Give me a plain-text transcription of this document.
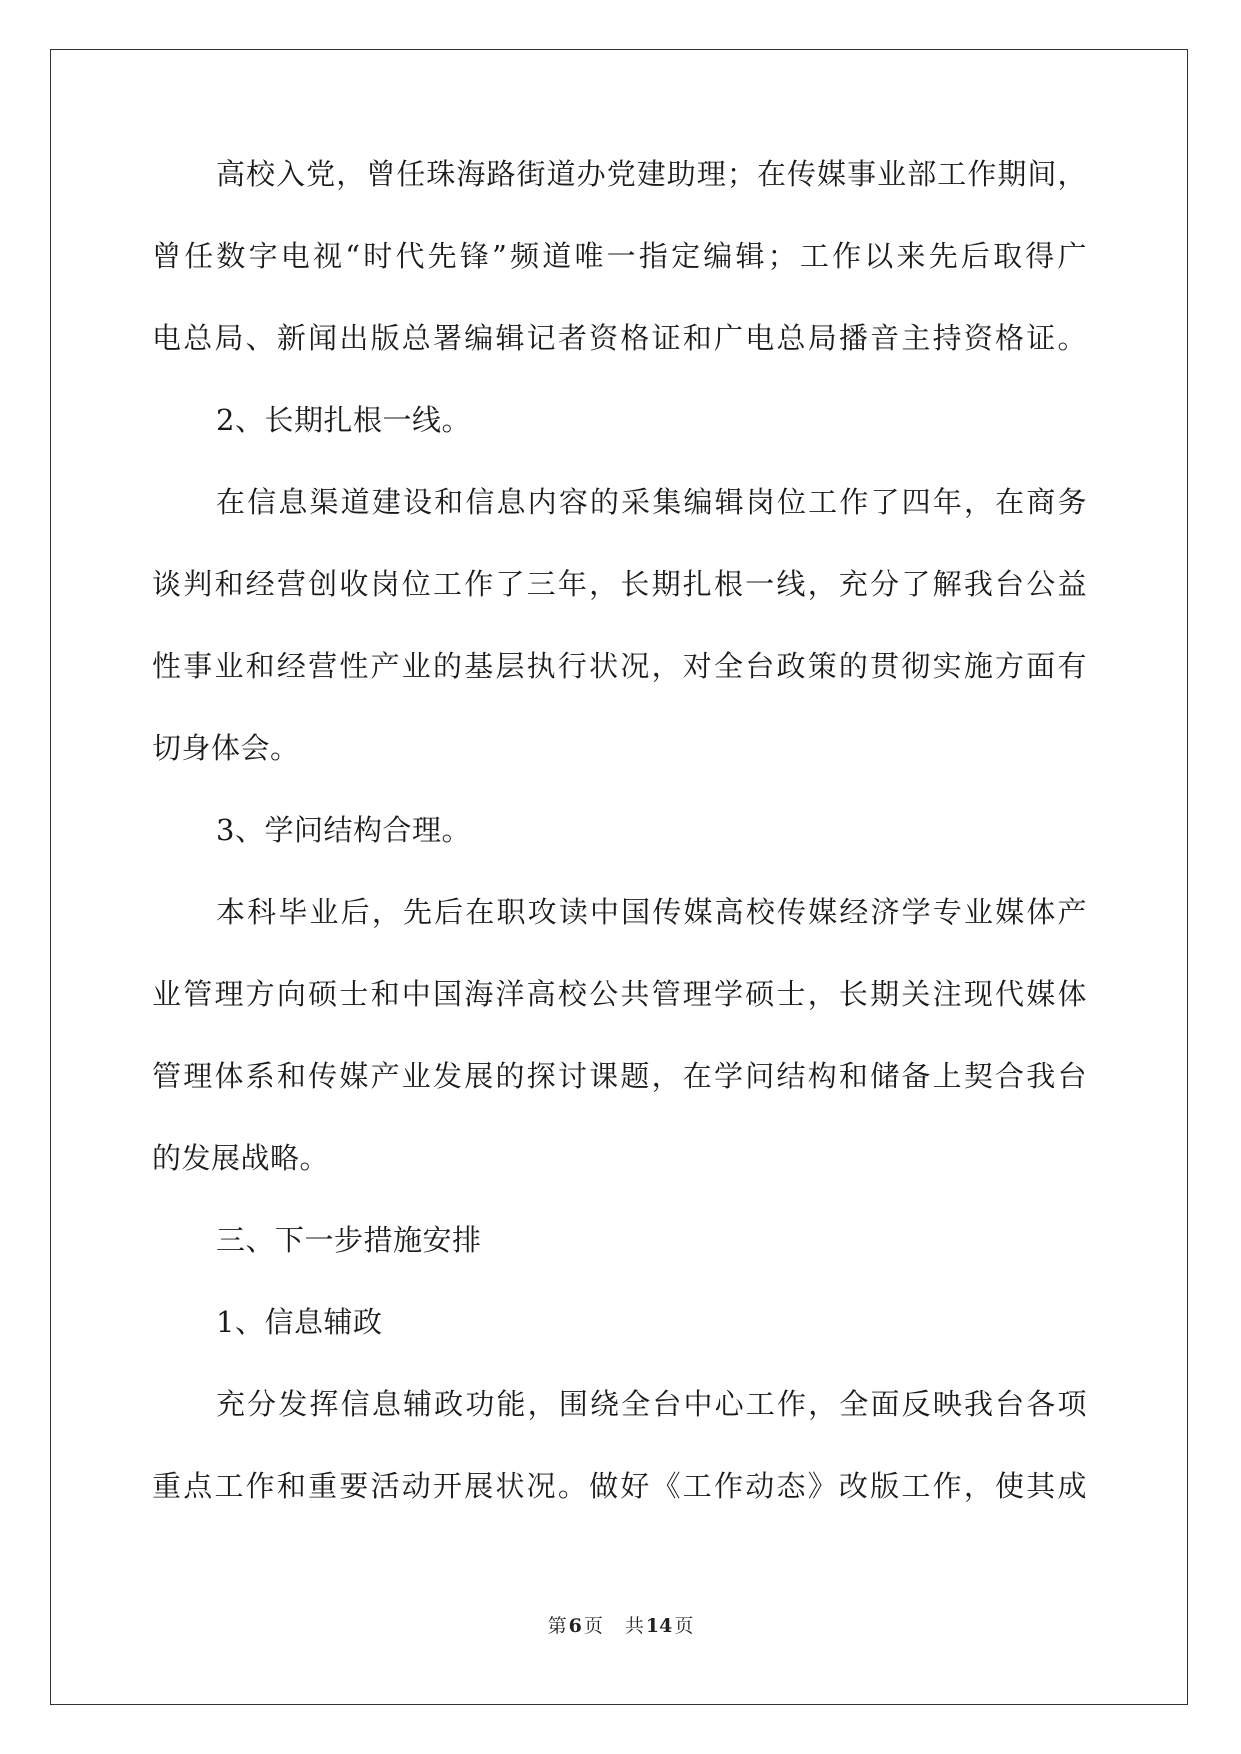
高校入党，曾任珠海路街道办党建助理；在传媒事业部工作期间，
曾任数字电视“时代先锋”频道唯一指定编辑；工作以来先后取得广
电总局、新闻出版总署编辑记者资格证和广电总局播音主持资格证。
2、长期扎根一线。
在信息渠道建设和信息内容的采集编辑岗位工作了四年，在商务
谈判和经营创收岗位工作了三年，长期扎根一线，充分了解我台公益
性事业和经营性产业的基层执行状况，对全台政策的贯彻实施方面有
切身体会。
3、学问结构合理。
本科毕业后，先后在职攻读中国传媒高校传媒经济学专业媒体产
业管理方向硕士和中国海洋高校公共管理学硕士，长期关注现代媒体
管理体系和传媒产业发展的探讨课题，在学问结构和储备上契合我台
的发展战略。
三、下一步措施安排
1、信息辅政
充分发挥信息辅政功能，围绕全台中心工作，全面反映我台各项
重点工作和重要活动开展状况。做好《工作动态》改版工作，使其成
第 6 页 共 14 页
